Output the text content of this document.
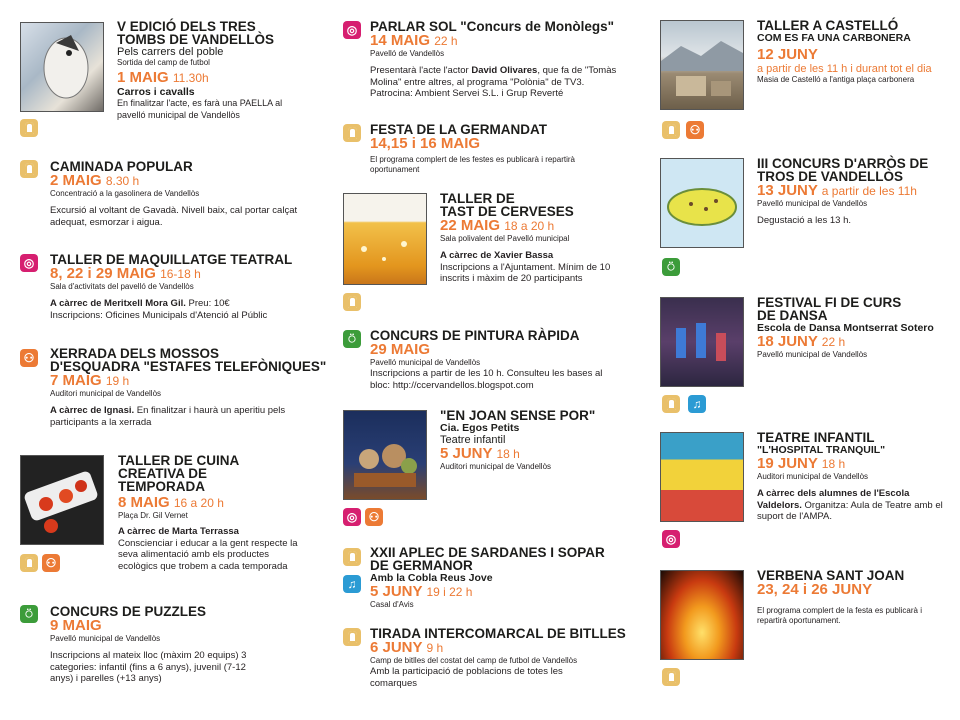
V EDICIÓ DELS TRES
TOMBS DE VANDELLÒS
Pels carrers del poble
Sortida del camp de futbol
1 MAIG 11.30h
Carros i cavalls
En finalitzar l'acte, es farà una PAELLA al pavelló municipal de Vandellòs
CAMINADA POPULAR
2 MAIG 8.30 h
Concentració a la gasolinera de Vandellòs
Excursió al voltant de Gavadà. Nivell baix, cal portar calçat adequat, esmorzar i aigua.
◎ TALLER DE MAQUILLATGE TEATRAL
8, 22 i 29 MAIG 16-18 h
Sala d'activitats del pavelló de Vandellòs
A càrrec de Meritxell Mora Gil. Preu: 10€
Inscripcions: Oficines Municipals d'Atenció al Públic
⚇ XERRADA DELS MOSSOS
D'ESQUADRA "ESTAFES TELEFÒNIQUES"
7 MAIG 19 h
Auditori municipal de Vandellòs
A càrrec de Ignasi. En finalitzar i haurà un aperitiu pels participants a la xerrada
TALLER DE CUINA
CREATIVA DE
TEMPORADA
8 MAIG 16 a 20 h
Plaça Dr. Gil Vernet
A càrrec de Marta Terrassa
Conscienciar i educar a la gent respecte la seva alimentació amb els productes ecològics que trobem a cada temporada
⚇
⍥	CONCURS DE PUZZLES
9 MAIG
Pavelló municipal de Vandellòs
Inscripcions al mateix lloc (màxim 20 equips) 3 categories: infantil (fins a 6 anys), juvenil (7-12 anys) i parelles (+13 anys)
◎ PARLAR SOL "Concurs de Monòlegs"
14 MAIG 22 h
Pavelló de Vandellòs
Presentarà l'acte l'actor David Olivares, que fa de "Tomàs Molina" entre altres, al programa "Polònia" de TV3. Patrocina: Ambient Servei S.L. i Grup Reverté
FESTA DE LA GERMANDAT
14,15 i 16 MAIG
El programa complert de les festes es publicarà i repartirà oportunament
TALLER DE
TAST DE CERVESES
22 MAIG 18 a 20 h
Sala polivalent del Pavelló municipal
A càrrec de Xavier Bassa
Inscripcions a l'Ajuntament. Mínim de 10 inscrits i màxim de 20 participants
⍥	CONCURS DE PINTURA RÀPIDA
29 MAIG
Pavelló municipal de Vandellòs
Inscripcions a partir de les 10 h. Consulteu les bases al bloc: http://ccervandellos.blogspot.com
"EN JOAN SENSE POR"
Cia. Egos Petits
Teatre infantil
5 JUNY 18 h
Auditori municipal de Vandellòs
◎ ⚇
♫
XXII APLEC DE SARDANES I SOPAR
DE GERMANOR
Amb la Cobla Reus Jove
5 JUNY 19 i 22 h
Casal d'Avis
TIRADA INTERCOMARCAL DE BITLLES
6 JUNY 9 h
Camp de bitlles del costat del camp de futbol de Vandellòs
Amb la participació de poblacions de totes les comarques
TALLER A CASTELLÓ
COM ES FA UNA CARBONERA
12 JUNY
a partir de les 11 h i durant tot el dia
Masia de Castelló a l'antiga plaça carbonera
⚇
III CONCURS D'ARRÒS DE
TROS DE VANDELLÒS
13 JUNY a partir de les 11h
Pavelló municipal de Vandellòs
Degustació a les 13 h.
⍥
FESTIVAL FI DE CURS
DE DANSA
Escola de Dansa Montserrat Sotero
18 JUNY 22 h
Pavelló municipal de Vandellòs
♫
TEATRE INFANTIL
"L'HOSPITAL TRANQUIL"
19 JUNY 18 h
Auditori municipal de Vandellòs
A càrrec dels alumnes de l'Escola Valdelors. Organitza: Aula de Teatre amb el suport de l'AMPA.
◎
VERBENA SANT JOAN
23, 24 i 26 JUNY
El programa complert de la festa es publicarà i repartirà oportunament.
